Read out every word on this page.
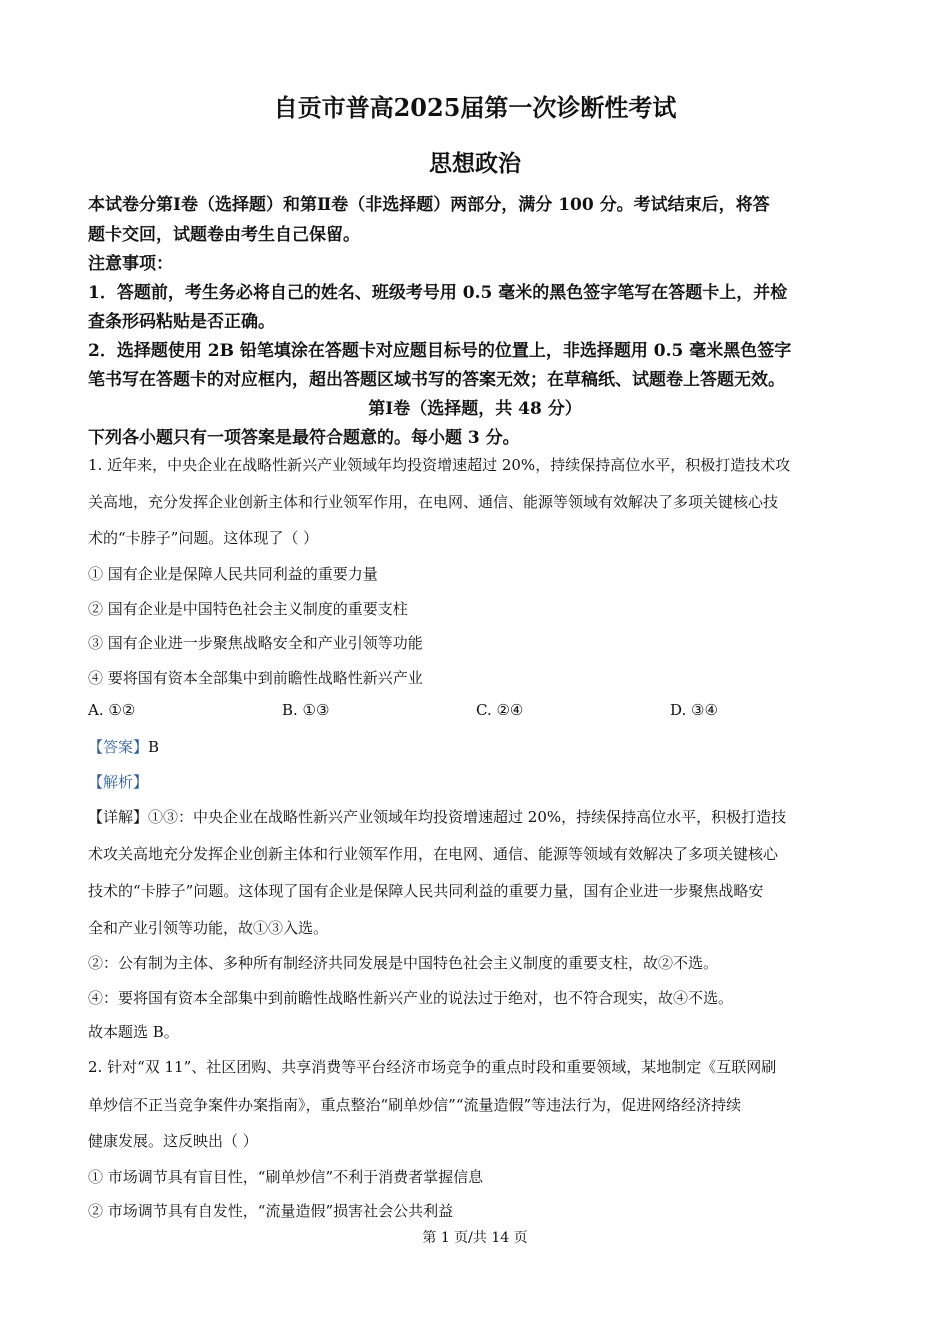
自贡市普高2025届第一次诊断性考试
思想政治
本试卷分第Ⅰ卷（选择题）和第Ⅱ卷（非选择题）两部分，满分 100 分。考试结束后，将答
题卡交回，试题卷由考生自己保留。
注意事项：
1．答题前，考生务必将自己的姓名、班级考号用 0.5 毫米的黑色签字笔写在答题卡上，并检
查条形码粘贴是否正确。
2．选择题使用 2B 铅笔填涂在答题卡对应题目标号的位置上，非选择题用 0.5 毫米黑色签字
笔书写在答题卡的对应框内，超出答题区域书写的答案无效；在草稿纸、试题卷上答题无效。
第Ⅰ卷（选择题，共 48 分）
下列各小题只有一项答案是最符合题意的。每小题 3 分。
1. 近年来，中央企业在战略性新兴产业领域年均投资增速超过 20%，持续保持高位水平，积极打造技术攻
关高地，充分发挥企业创新主体和行业领军作用，在电网、通信、能源等领域有效解决了多项关键核心技
术的“卡脖子”问题。这体现了（ ）
① 国有企业是保障人民共同利益的重要力量
② 国有企业是中国特色社会主义制度的重要支柱
③ 国有企业进一步聚焦战略安全和产业引领等功能
④ 要将国有资本全部集中到前瞻性战略性新兴产业
A. ①②	B. ①③	C. ②④	D. ③④
【答案】B
【解析】
【详解】①③：中央企业在战略性新兴产业领域年均投资增速超过 20%，持续保持高位水平，积极打造技
术攻关高地充分发挥企业创新主体和行业领军作用，在电网、通信、能源等领域有效解决了多项关键核心
技术的“卡脖子”问题。这体现了国有企业是保障人民共同利益的重要力量，国有企业进一步聚焦战略安
全和产业引领等功能，故①③入选。
②：公有制为主体、多种所有制经济共同发展是中国特色社会主义制度的重要支柱，故②不选。
④：要将国有资本全部集中到前瞻性战略性新兴产业的说法过于绝对，也不符合现实，故④不选。
故本题选 B。
2. 针对“双 11”、社区团购、共享消费等平台经济市场竞争的重点时段和重要领域，某地制定《互联网刷
单炒信不正当竞争案件办案指南》，重点整治“刷单炒信”“流量造假”等违法行为，促进网络经济持续
健康发展。这反映出（ ）
① 市场调节具有盲目性，“刷单炒信”不利于消费者掌握信息
② 市场调节具有自发性，“流量造假”损害社会公共利益
第 1 页/共 14 页
